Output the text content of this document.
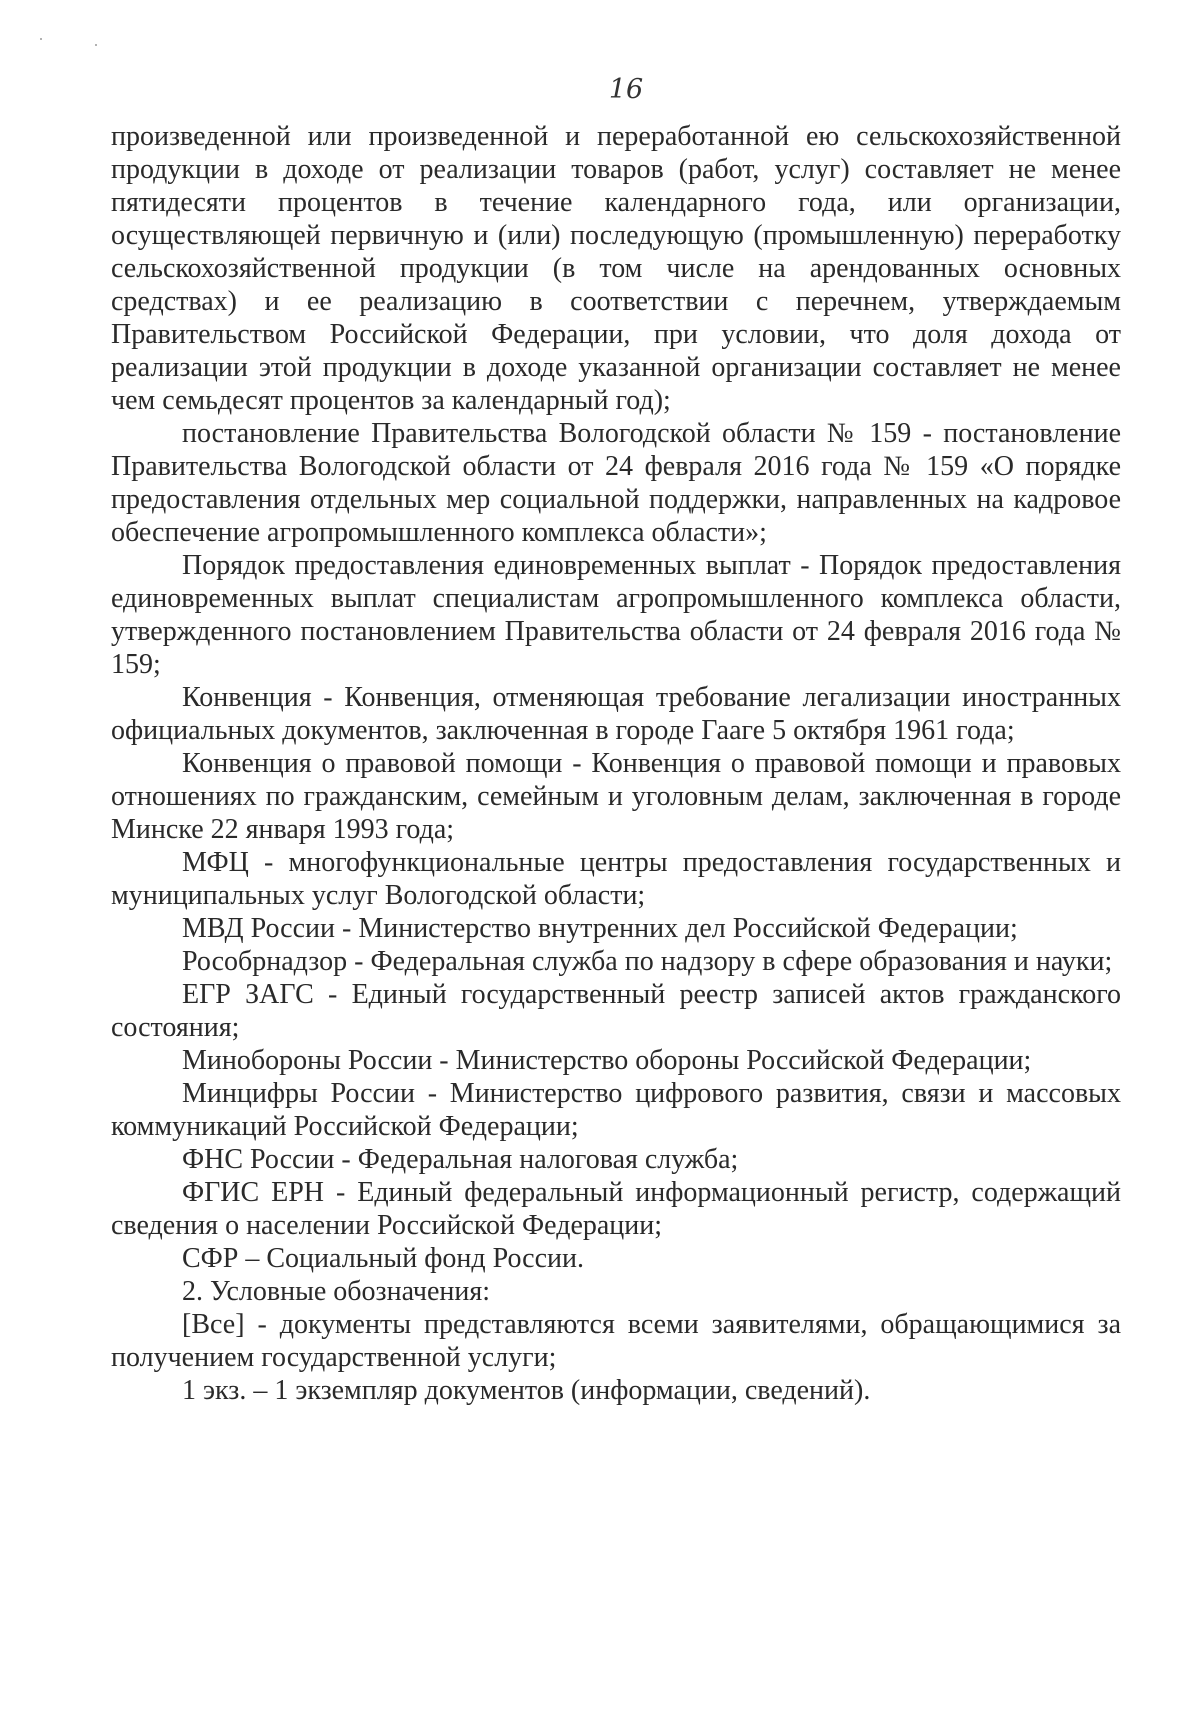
16

произведенной или произведенной и переработанной ею сельскохозяйственной продукции в доходе от реализации товаров (работ, услуг) составляет не менее пятидесяти процентов в течение календарного года, или организации, осуществляющей первичную и (или) последующую (промышленную) переработку сельскохозяйственной продукции (в том числе на арендованных основных средствах) и ее реализацию в соответствии с перечнем, утверждаемым Правительством Российской Федерации, при условии, что доля дохода от реализации этой продукции в доходе указанной организации составляет не менее чем семьдесят процентов за календарный год);

постановление Правительства Вологодской области № 159 - постановление Правительства Вологодской области от 24 февраля 2016 года № 159 «О порядке предоставления отдельных мер социальной поддержки, направленных на кадровое обеспечение агропромышленного комплекса области»;

Порядок предоставления единовременных выплат - Порядок предоставления единовременных выплат специалистам агропромышленного комплекса области, утвержденного постановлением Правительства области от 24 февраля 2016 года № 159;

Конвенция - Конвенция, отменяющая требование легализации иностранных официальных документов, заключенная в городе Гааге 5 октября 1961 года;

Конвенция о правовой помощи - Конвенция о правовой помощи и правовых отношениях по гражданским, семейным и уголовным делам, заключенная в городе Минске 22 января 1993 года;

МФЦ - многофункциональные центры предоставления государственных и муниципальных услуг Вологодской области;

МВД России - Министерство внутренних дел Российской Федерации;

Рособрнадзор - Федеральная служба по надзору в сфере образования и науки;

ЕГР ЗАГС - Единый государственный реестр записей актов гражданского состояния;

Минобороны России - Министерство обороны Российской Федерации;

Минцифры России - Министерство цифрового развития, связи и массовых коммуникаций Российской Федерации;

ФНС России - Федеральная налоговая служба;

ФГИС ЕРН - Единый федеральный информационный регистр, содержащий сведения о населении Российской Федерации;

СФР – Социальный фонд России.

2. Условные обозначения:

[Все] - документы представляются всеми заявителями, обращающимися за получением государственной услуги;

1 экз. – 1 экземпляр документов (информации, сведений).
